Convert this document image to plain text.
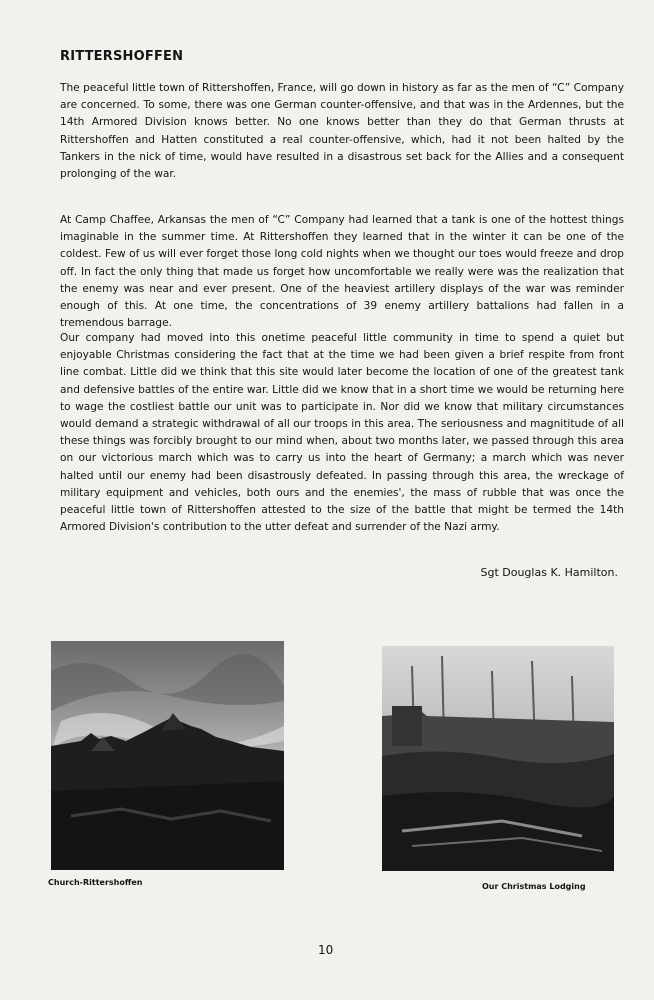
RITTERSHOFFEN

The peaceful little town of Rittershoffen, France, will go down in history as far as the men of “C” Company are concerned. To some, there was one German counter-offensive, and that was in the Ardennes, but the 14th Armored Division knows better. No one knows better than they do that German thrusts at Rittershoffen and Hatten constituted a real counter-offensive, which, had it not been halted by the Tankers in the nick of time, would have resulted in a disastrous set back for the Allies and a consequent prolonging of the war.

At Camp Chaffee, Arkansas the men of “C” Company had learned that a tank is one of the hottest things imaginable in the summer time. At Rittershoffen they learned that in the winter it can be one of the coldest. Few of us will ever forget those long cold nights when we thought our toes would freeze and drop off. In fact the only thing that made us forget how uncomfortable we really were was the realization that the enemy was near and ever present. One of the heaviest artillery displays of the war was reminder enough of this. At one time, the concentrations of 39 enemy artillery battalions had fallen in a tremendous barrage.

Our company had moved into this onetime peaceful little community in time to spend a quiet but enjoyable Christmas considering the fact that at the time we had been given a brief respite from front line combat. Little did we think that this site would later become the location of one of the greatest tank and defensive battles of the entire war. Little did we know that in a short time we would be returning here to wage the costliest battle our unit was to participate in. Nor did we know that military circumstances would demand a strategic withdrawal of all our troops in this area. The seriousness and magnititude of all these things was forcibly brought to our mind when, about two months later, we passed through this area on our victorious march which was to carry us into the heart of Germany; a march which was never halted until our enemy had been disastrously defeated. In passing through this area, the wreckage of military equipment and vehicles, both ours and the enemies', the mass of rubble that was once the peaceful little town of Rittershoffen attested to the size of the battle that might be termed the 14th Armored Division's contribution to the utter defeat and surrender of the Nazi army.

Sgt Douglas K. Hamilton.
Church-Rittershoffen	Our Christmas Lodging
10
